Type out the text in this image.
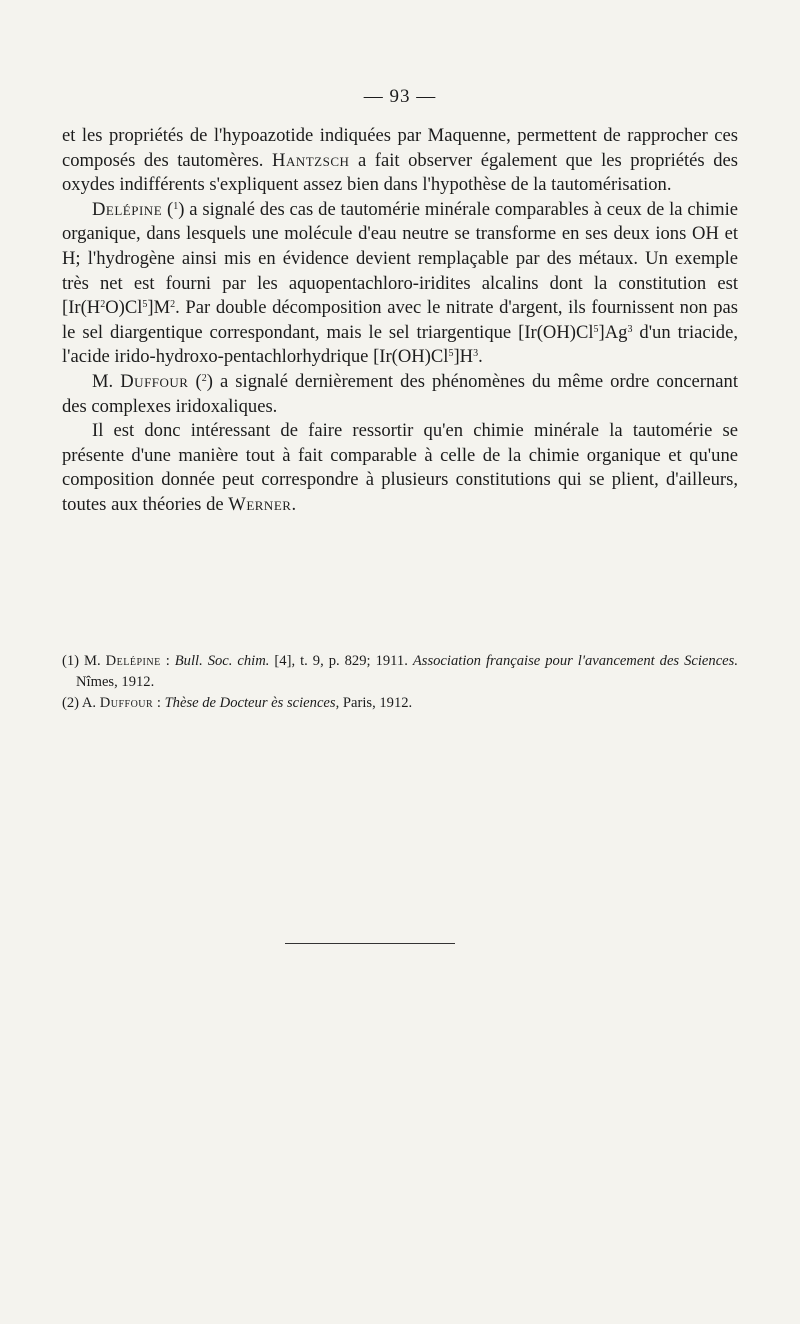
— 93 —

et les propriétés de l'hypoazotide indiquées par Maquenne, permettent de rapprocher ces composés des tautomères. Hantzsch a fait observer également que les propriétés des oxydes indifférents s'expliquent assez bien dans l'hypothèse de la tautomérisation.

Delépine ($^1$) a signalé des cas de tautomérie minérale comparables à ceux de la chimie organique, dans lesquels une molécule d'eau neutre se transforme en ses deux ions OH et H; l'hydrogène ainsi mis en évidence devient remplaçable par des métaux. Un exemple très net est fourni par les aquopentachloro-iridites alcalins dont la constitution est $[Ir(H^2O)Cl^5]M^2$. Par double décomposition avec le nitrate d'argent, ils fournissent non pas le sel diargentique correspondant, mais le sel triargentique [Ir(OH)Cl$^5$]Ag$^3$ d'un triacide, l'acide irido-hydroxo-pentachlorhydrique $[Ir(OH)Cl^5]H^3$.

M. Duffour ($^2$) a signalé dernièrement des phénomènes du même ordre concernant des complexes iridoxaliques.

Il est donc intéressant de faire ressortir qu'en chimie minérale la tautomérie se présente d'une manière tout à fait comparable à celle de la chimie organique et qu'une composition donnée peut correspondre à plusieurs constitutions qui se plient, d'ailleurs, toutes aux théories de Werner.

(1) M. Delépine : Bull. Soc. chim. [4], t. 9, p. 829; 1911. Association française pour l'avancement des Sciences. Nîmes, 1912.

(2) A. Duffour : Thèse de Docteur ès sciences, Paris, 1912.
